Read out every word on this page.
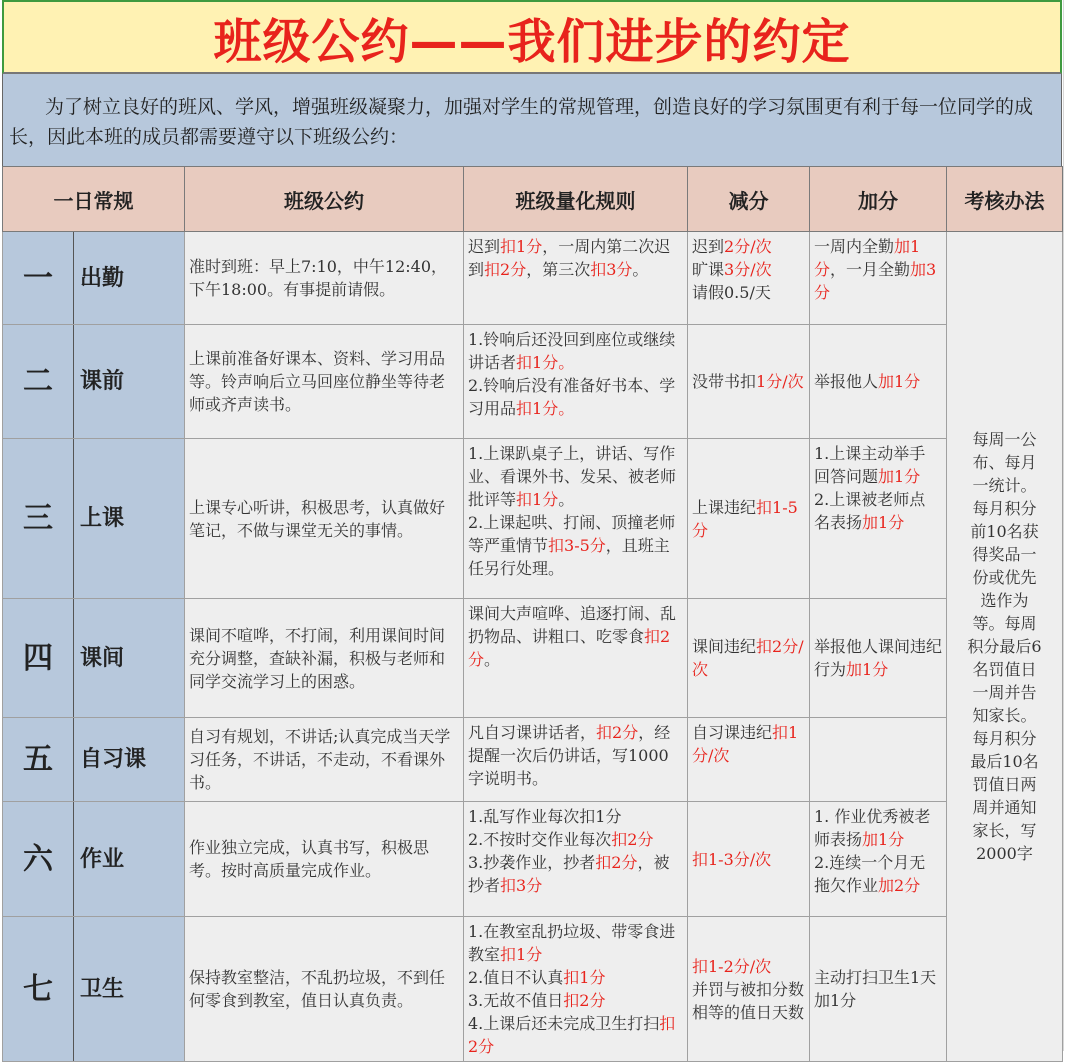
班级公约——我们进步的约定
为了树立良好的班风、学风，增强班级凝聚力，加强对学生的常规管理，创造良好的学习氛围更有利于每一位同学的成长，因此本班的成员都需要遵守以下班级公约：
一日常规		班级公约	班级量化规则	减分	加分	考核办法
一	出勤	准时到班：早上7:10，中午12:40，下午18:00。有事提前请假。	迟到扣1分，一周内第二次迟到扣2分，第三次扣3分。	迟到2分/次
旷课3分/次
请假0.5/天	一周内全勤加1分，一月全勤加3分	每周一公布、每月一统计。每月积分前10名获得奖品一份或优先选作为等。每周积分最后6名罚值日一周并告知家长。每月积分最后10名罚值日两周并通知家长，写2000字
二	课前	上课前准备好课本、资料、学习用品等。铃声响后立马回座位静坐等待老师或齐声读书。	1.铃响后还没回到座位或继续讲话者扣1分。
2.铃响后没有准备好书本、学习用品扣1分。	没带书扣1分/次	举报他人加1分	

三	上课	上课专心听讲，积极思考，认真做好笔记，不做与课堂无关的事情。	1.上课趴桌子上，讲话、写作业、看课外书、发呆、被老师批评等扣1分。
2.上课起哄、打闹、顶撞老师等严重情节扣3-5分，且班主任另行处理。	上课违纪扣1-5分	1.上课主动举手
回答问题加1分
2.上课被老师点
名表扬加1分	

四	课间	课间不喧哗，不打闹，利用课间时间充分调整，查缺补漏，积极与老师和同学交流学习上的困惑。	课间大声喧哗、追逐打闹、乱扔物品、讲粗口、吃零食扣2分。	课间违纪扣2分/次	举报他人课间违纪行为加1分	

五	自习课	自习有规划，不讲话;认真完成当天学习任务，不讲话，不走动，不看课外书。	凡自习课讲话者，扣2分，经提醒一次后仍讲话，写1000字说明书。	自习课违纪扣1分/次		

六	作业	作业独立完成，认真书写，积极思考。按时高质量完成作业。	1.乱写作业每次扣1分
2.不按时交作业每次扣2分
3.抄袭作业，抄者扣2分，被抄者扣3分	扣1-3分/次	1. 作业优秀被老师表扬加1分
2.连续一个月无
拖欠作业加2分	

七	卫生	保持教室整洁，不乱扔垃圾，不到任何零食到教室，值日认真负责。	1.在教室乱扔垃圾、带零食进教室扣1分
2.值日不认真扣1分
3.无故不值日扣2分
4.上课后还未完成卫生打扫扣2分	扣1-2分/次
并罚与被扣分数相等的值日天数	主动打扫卫生1天加1分	
